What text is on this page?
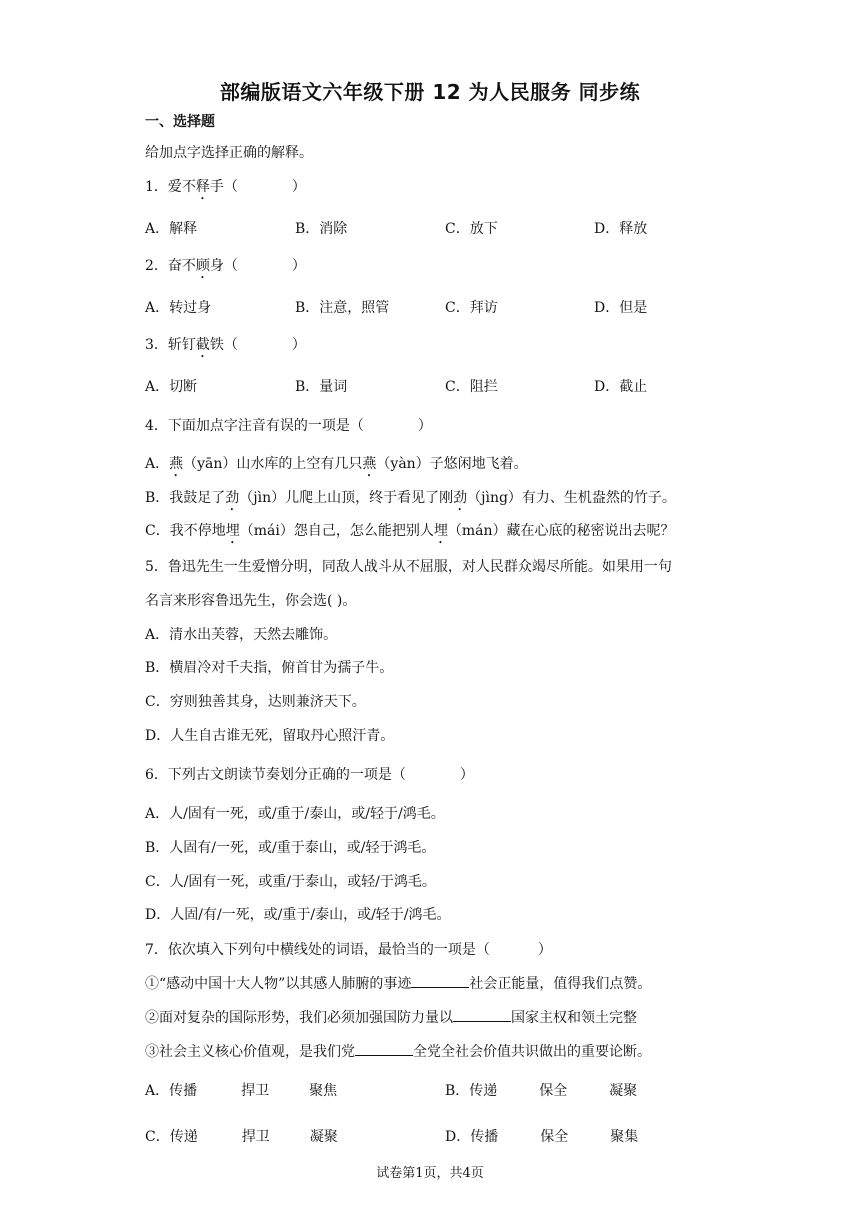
部编版语文六年级下册 12 为人民服务 同步练
一、选择题
给加点字选择正确的解释。
1．爱不释手（	）
A．解释	B．消除	C．放下	D．释放
2．奋不顾身（	）
A．转过身	B．注意，照管	C．拜访	D．但是
3．斩钉截铁（	）
A．切断	B．量词	C．阻拦	D．截止
4．下面加点字注音有误的一项是（	）
A．燕（yān）山水库的上空有几只燕（yàn）子悠闲地飞着。
B．我鼓足了劲（jìn）儿爬上山顶，终于看见了刚劲（jìng）有力、生机盎然的竹子。
C．我不停地埋（mái）怨自己，怎么能把别人埋（mán）藏在心底的秘密说出去呢？
5．鲁迅先生一生爱憎分明，同敌人战斗从不屈服，对人民群众竭尽所能。如果用一句
名言来形容鲁迅先生，你会选( )。
A．清水出芙蓉，天然去雕饰。
B．横眉冷对千夫指，俯首甘为孺子牛。
C．穷则独善其身，达则兼济天下。
D．人生自古谁无死，留取丹心照汗青。
6．下列古文朗读节奏划分正确的一项是（	）
A．人/固有一死，或/重于/泰山，或/轻于/鸿毛。
B．人固有/一死，或/重于泰山，或/轻于鸿毛。
C．人/固有一死，或重/于泰山，或轻/于鸿毛。
D．人固/有/一死，或/重于/泰山，或/轻于/鸿毛。
7．依次填入下列句中横线处的词语，最恰当的一项是（	）
①“感动中国十大人物”以其感人肺腑的事迹	社会正能量，值得我们点赞。
②面对复杂的国际形势，我们必须加强国防力量以	国家主权和领土完整
③社会主义核心价值观，是我们党	全党全社会价值共识做出的重要论断。
A．传播	捍卫	聚焦	B．传递	保全	凝聚
C．传递	捍卫	凝聚	D．传播	保全	聚集
试卷第1页，共4页
